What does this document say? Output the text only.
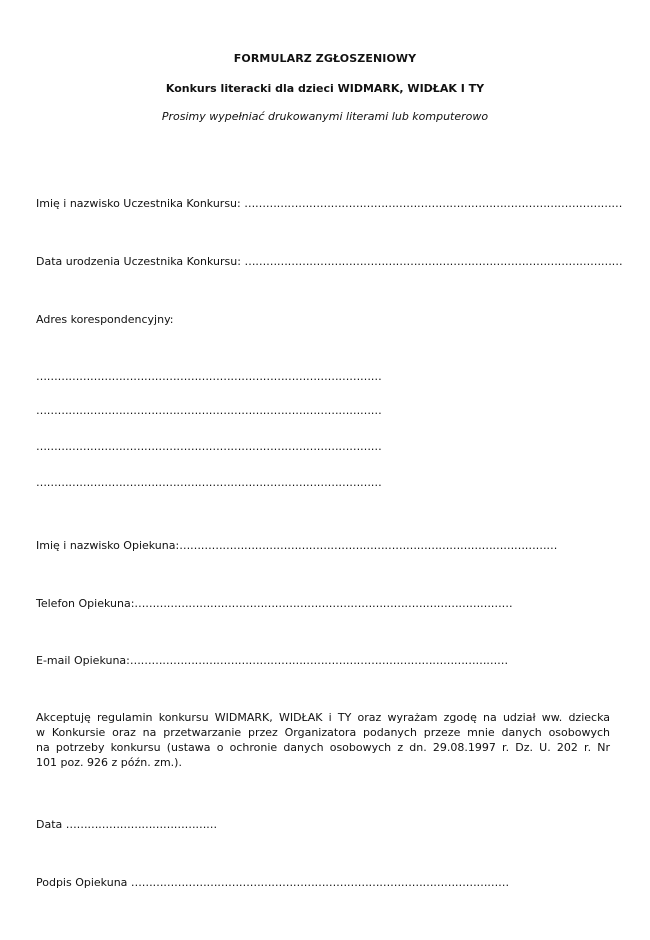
FORMULARZ ZGŁOSZENIOWY
Konkurs literacki dla dzieci WIDMARK, WIDŁAK I TY
Prosimy wypełniać drukowanymi literami lub komputerowo
Imię i nazwisko Uczestnika Konkursu: ……………………………………………………………………………………………
Data urodzenia Uczestnika Konkursu: ……………………………………………………………………………………………
Adres korespondencyjny:
……………………………………………………………………………………
……………………………………………………………………………………
……………………………………………………………………………………
……………………………………………………………………………………
Imię i nazwisko Opiekuna:……………………………………………………………………………………………
Telefon Opiekuna:……………………………………………………………………………………………
E-mail Opiekuna:……………………………………………………………………………………………
Akceptuję regulamin konkursu WIDMARK, WIDŁAK i TY oraz wyrażam zgodę na udział ww. dziecka
w Konkursie oraz na przetwarzanie przez Organizatora podanych przeze mnie danych osobowych
na potrzeby konkursu (ustawa o ochronie danych osobowych z dn. 29.08.1997 r. Dz. U. 202 r. Nr
101 poz. 926 z późn. zm.).
Data ……………………………………
Podpis Opiekuna ……………………………………………………………………………………………
